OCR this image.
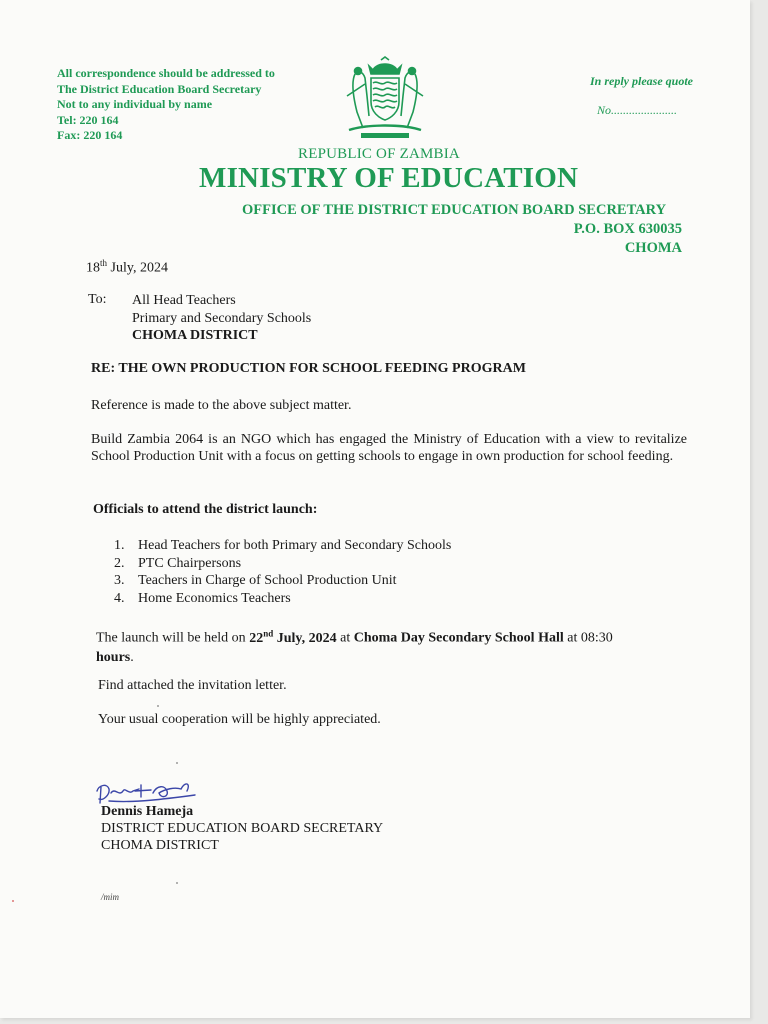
All correspondence should be addressed to
The District Education Board Secretary
Not to any individual by name
Tel: 220 164
Fax: 220 164
In reply please quote
No......................
REPUBLIC OF ZAMBIA
MINISTRY OF EDUCATION
OFFICE OF THE DISTRICT EDUCATION BOARD SECRETARY
P.O. BOX 630035
CHOMA
18th July, 2024
To: All Head Teachers
Primary and Secondary Schools
CHOMA DISTRICT
RE: THE OWN PRODUCTION FOR SCHOOL FEEDING PROGRAM
Reference is made to the above subject matter.
Build Zambia 2064 is an NGO which has engaged the Ministry of Education with a view to revitalize School Production Unit with a focus on getting schools to engage in own production for school feeding.
Officials to attend the district launch:
1. Head Teachers for both Primary and Secondary Schools
2. PTC Chairpersons
3. Teachers in Charge of School Production Unit
4. Home Economics Teachers
The launch will be held on 22nd July, 2024 at Choma Day Secondary School Hall at 08:30
hours.
Find attached the invitation letter.
Your usual cooperation will be highly appreciated.
Dennis Hameja
DISTRICT EDUCATION BOARD SECRETARY
CHOMA DISTRICT
/mim
